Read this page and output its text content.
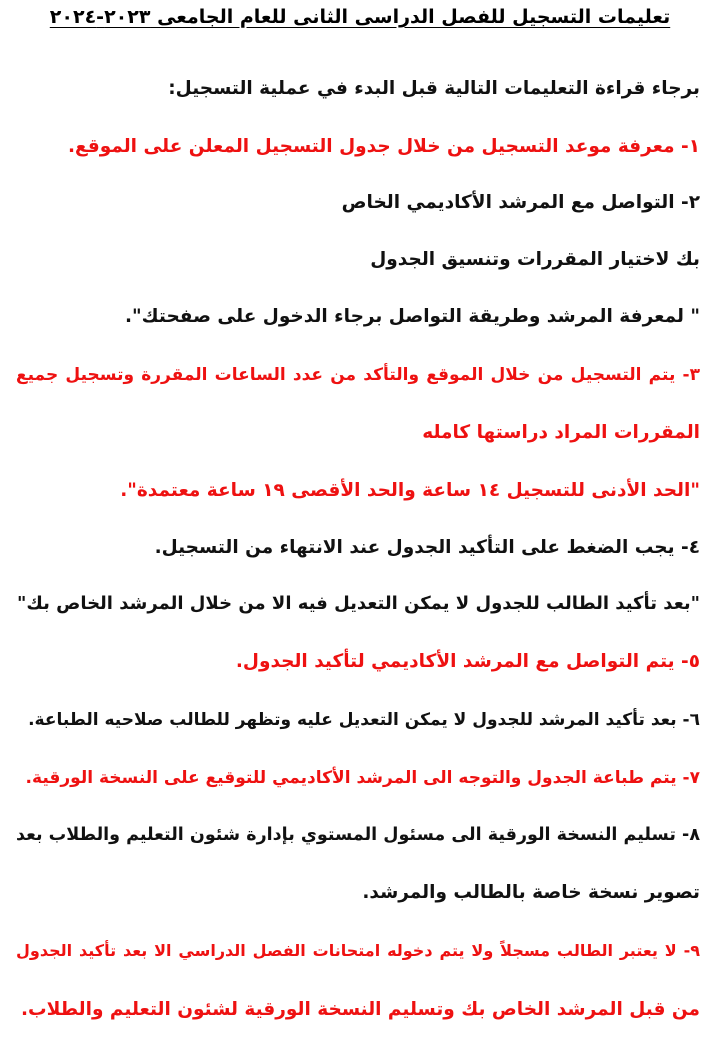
تعليمات التسجيل للفصل الدراسى الثانى للعام الجامعى ٢٠٢٣-٢٠٢٤
برجاء قراءة التعليمات التالية قبل البدء في عملية التسجيل:
١- معرفة موعد التسجيل من خلال جدول التسجيل المعلن على الموقع.
٢- التواصل مع المرشد الأكاديمي الخاص
بك لاختيار المقررات وتنسيق الجدول
" لمعرفة المرشد وطريقة التواصل برجاء الدخول على صفحتك".
٣- يتم التسجيل من خلال الموقع والتأكد من عدد الساعات المقررة وتسجيل جميع
المقررات المراد دراستها كامله
"الحد الأدنى للتسجيل ١٤ ساعة والحد الأقصى ١٩ ساعة معتمدة".
٤- يجب الضغط على التأكيد الجدول عند الانتهاء من التسجيل.
"بعد تأكيد الطالب للجدول لا يمكن التعديل فيه الا من خلال المرشد الخاص بك"
٥- يتم التواصل مع المرشد الأكاديمي لتأكيد الجدول.
٦- بعد تأكيد المرشد للجدول لا يمكن التعديل عليه وتظهر للطالب صلاحيه الطباعة.
٧- يتم طباعة الجدول والتوجه الى المرشد الأكاديمي للتوقيع على النسخة الورقية.
٨- تسليم النسخة الورقية الى مسئول المستوي بإدارة شئون التعليم والطلاب بعد
تصوير نسخة خاصة بالطالب والمرشد.
٩- لا يعتبر الطالب مسجلاً ولا يتم دخوله امتحانات الفصل الدراسي الا بعد تأكيد الجدول
من قبل المرشد الخاص بك وتسليم النسخة الورقية لشئون التعليم والطلاب.
